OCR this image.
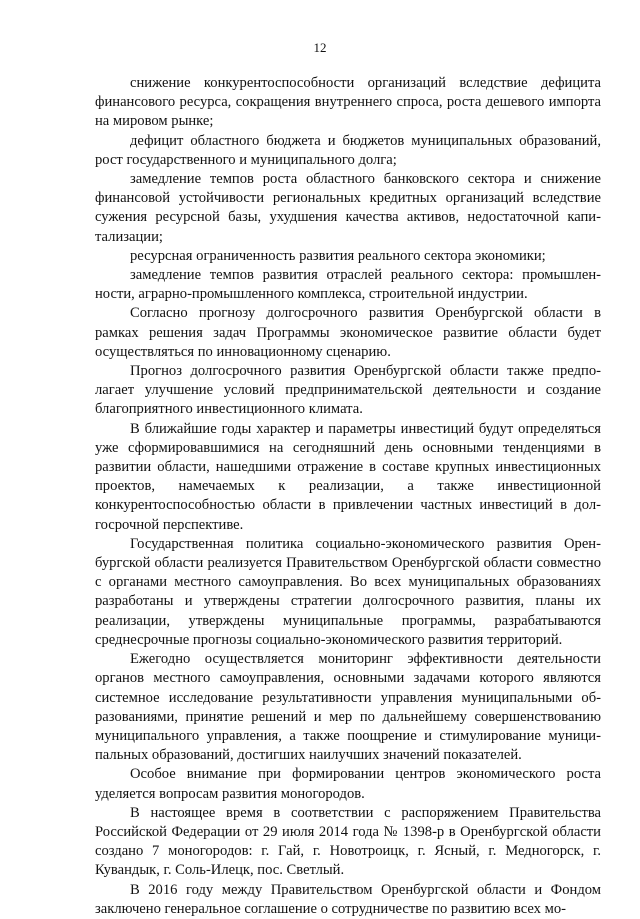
12

снижение конкурентоспособности организаций вследствие дефицита финансового ресурса, сокращения внутреннего спроса, роста дешевого импорта на мировом рынке;

дефицит областного бюджета и бюджетов муниципальных образований, рост государственного и муниципального долга;

замедление темпов роста областного банковского сектора и снижение финансовой устойчивости региональных кредитных организаций вследствие сужения ресурсной базы, ухудшения качества активов, недостаточной капитализации;

ресурсная ограниченность развития реального сектора экономики;

замедление темпов развития отраслей реального сектора: промышленности, аграрно-промышленного комплекса, строительной индустрии.

Согласно прогнозу долгосрочного развития Оренбургской области в рамках решения задач Программы экономическое развитие области будет осуществляться по инновационному сценарию.

Прогноз долгосрочного развития Оренбургской области также предполагает улучшение условий предпринимательской деятельности и создание благоприятного инвестиционного климата.

В ближайшие годы характер и параметры инвестиций будут определяться уже сформировавшимися на сегодняшний день основными тенденциями в развитии области, нашедшими отражение в составе крупных инвестиционных проектов, намечаемых к реализации, а также инвестиционной конкурентоспособностью области в привлечении частных инвестиций в долгосрочной перспективе.

Государственная политика социально-экономического развития Оренбургской области реализуется Правительством Оренбургской области совместно с органами местного самоуправления. Во всех муниципальных образованиях разработаны и утверждены стратегии долгосрочного развития, планы их реализации, утверждены муниципальные программы, разрабатываются среднесрочные прогнозы социально-экономического развития территорий.

Ежегодно осуществляется мониторинг эффективности деятельности органов местного самоуправления, основными задачами которого являются системное исследование результативности управления муниципальными образованиями, принятие решений и мер по дальнейшему совершенствованию муниципального управления, а также поощрение и стимулирование муниципальных образований, достигших наилучших значений показателей.

Особое внимание при формировании центров экономического роста уделяется вопросам развития моногородов.

В настоящее время в соответствии с распоряжением Правительства Российской Федерации от 29 июля 2014 года № 1398-р в Оренбургской области создано 7 моногородов: г. Гай, г. Новотроицк, г. Ясный, г. Медногорск, г. Кувандык, г. Соль-Илецк, пос. Светлый.

В 2016 году между Правительством Оренбургской области и Фондом заключено генеральное соглашение о сотрудничестве по развитию всех мо-
